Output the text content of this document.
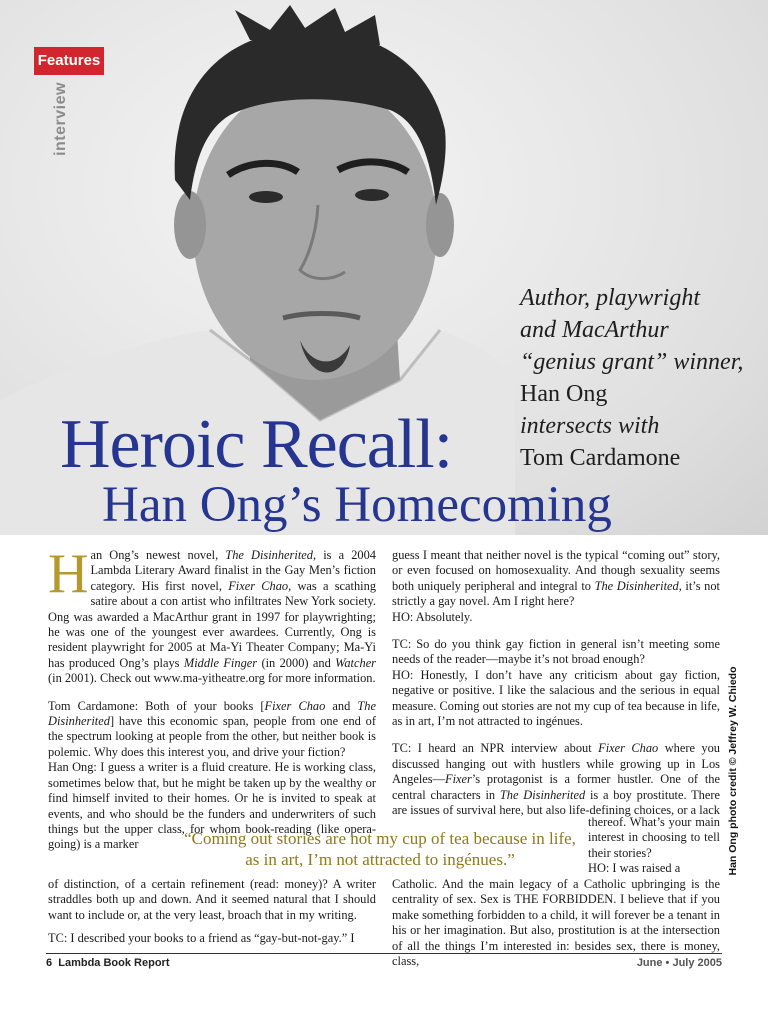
Features
interview
Author, playwright
and MacArthur
“genius grant” winner,
Han Ong
intersects with
Tom Cardamone
Heroic Recall:
Han Ong’s Homecoming

Han Ong’s newest novel, The Disinherited, is a 2004 Lambda Literary Award finalist in the Gay Men’s fiction category. His first novel, Fixer Chao, was a scathing satire about a con artist who infiltrates New York society. Ong was awarded a MacArthur grant in 1997 for playwrighting; he was one of the youngest ever awardees. Currently, Ong is resident playwright for 2005 at Ma-Yi Theater Company; Ma-Yi has produced Ong’s plays Middle Finger (in 2000) and Watcher (in 2001). Check out www.ma-yitheatre.org for more information.

Tom Cardamone: Both of your books [Fixer Chao and The Disinherited] have this economic span, people from one end of the spectrum looking at people from the other, but neither book is polemic. Why does this interest you, and drive your fiction?

Han Ong: I guess a writer is a fluid creature. He is working class, sometimes below that, but he might be taken up by the wealthy or find himself invited to their homes. Or he is invited to speak at events, and who should be the funders and underwriters of such things but the upper class, for whom book-reading (like opera-going) is a marker

of distinction, of a certain refinement (read: money)? A writer straddles both up and down. And it seemed natural that I should want to include or, at the very least, broach that in my writing.

TC: I described your books to a friend as “gay-but-not-gay.” I

guess I meant that neither novel is the typical “coming out” story, or even focused on homosexuality. And though sexuality seems both uniquely peripheral and integral to The Disinherited, it’s not strictly a gay novel. Am I right here?

HO: Absolutely.

TC: So do you think gay fiction in general isn’t meeting some needs of the reader—maybe it’s not broad enough?

HO: Honestly, I don’t have any criticism about gay fiction, negative or positive. I like the salacious and the serious in equal measure. Coming out stories are not my cup of tea because in life, as in art, I’m not attracted to ingénues.

TC: I heard an NPR interview about Fixer Chao where you discussed hanging out with hustlers while growing up in Los Angeles—Fixer’s protagonist is a former hustler. One of the central characters in The Disinherited is a boy prostitute. There are issues of survival here, but also life-defining choices, or a lack

thereof. What’s your main interest in choosing to tell their stories?

HO: I was raised a

Catholic. And the main legacy of a Catholic upbringing is the centrality of sex. Sex is THE FORBIDDEN. I believe that if you make something forbidden to a child, it will forever be a tenant in his or her imagination. But also, prostitution is at the intersection of all the things I’m interested in: besides sex, there is money, class,

“Coming out stories are not my cup of tea because in life, as in art, I’m not attracted to ingénues.”	Han Ong photo credit © Jeffrey W. Chiedo
6 Lambda Book Report	June • July 2005
